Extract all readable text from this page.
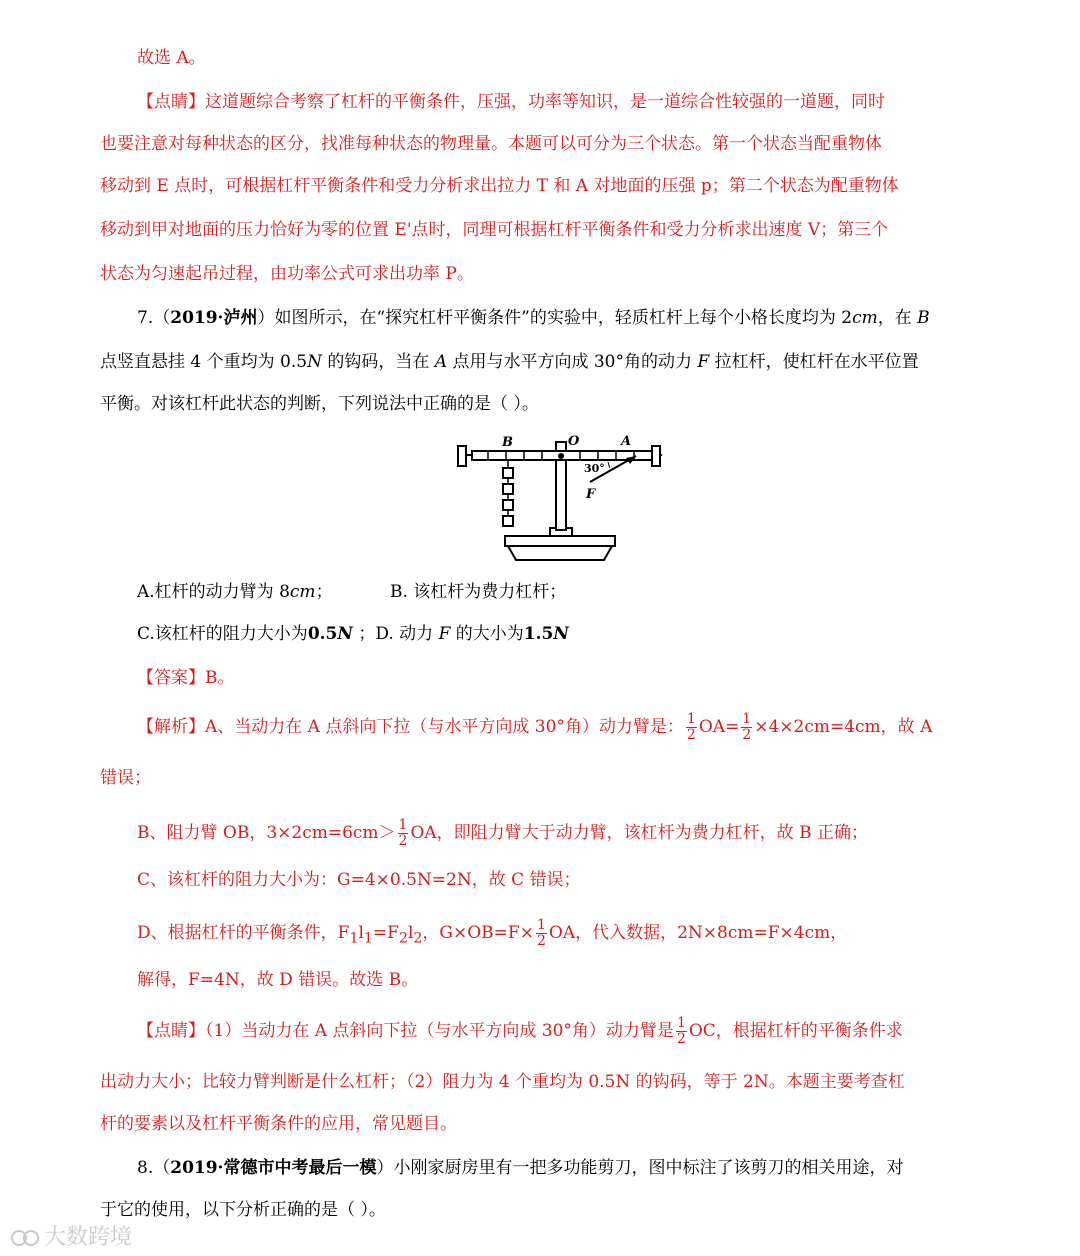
故选 A。
【点睛】这道题综合考察了杠杆的平衡条件，压强，功率等知识，是一道综合性较强的一道题，同时
也要注意对每种状态的区分，找准每种状态的物理量。本题可以可分为三个状态。第一个状态当配重物体
移动到 E 点时，可根据杠杆平衡条件和受力分析求出拉力 T 和 A 对地面的压强 p；第二个状态为配重物体
移动到甲对地面的压力恰好为零的位置 E'点时，同理可根据杠杆平衡条件和受力分析求出速度 V；第三个
状态为匀速起吊过程，由功率公式可求出功率 P。
7.（2019·泸州）如图所示，在“探究杠杆平衡条件”的实验中，轻质杠杆上每个小格长度均为 2cm，在 B
点竖直悬挂 4 个重均为 0.5N 的钩码，当在 A 点用与水平方向成 30°角的动力 F 拉杠杆，使杠杆在水平位置
平衡。对该杠杆此状态的判断，下列说法中正确的是（ ）。
B	O	A
30°
F
A.杠杆的动力臂为 8cm；	B. 该杠杆为费力杠杆；
C.该杠杆的阻力大小为0.5N ；D. 动力 F 的大小为1.5N
【答案】B。
【解析】A、当动力在 A 点斜向下拉（与水平方向成 30°角）动力臂是： $\frac{1}{2} OA= \frac{1}{2} \times 4\times 2cm=4cm$，故 A
错误；
B、阻力臂 OB，$3\times 2cm=6cm> \frac{1}{2}$ OA，即阻力臂大于动力臂，该杠杆为费力杠杆，故 B 正确；
C、该杠杆的阻力大小为：G=4×0.5N=2N，故 C 错误；
D、根据杠杆的平衡条件，$F_1l_1=F_2l_2$，$G\times OB=F\times \frac{1}{2}$ OA，代入数据，2N×8cm=F×4cm，
解得，F=4N，故 D 错误。故选 B。
【点睛】（1）当动力在 A 点斜向下拉（与水平方向成 30°角）动力臂是 $\frac{1}{2}$ OC，根据杠杆的平衡条件求
出动力大小；比较力臂判断是什么杠杆；（2）阻力为 4 个重均为 0.5N 的钩码，等于 2N。本题主要考查杠
杆的要素以及杠杆平衡条件的应用，常见题目。
8.（2019·常德市中考最后一模）小刚家厨房里有一把多功能剪刀，图中标注了该剪刀的相关用途，对
于它的使用，以下分析正确的是（ ）。
大数跨境
